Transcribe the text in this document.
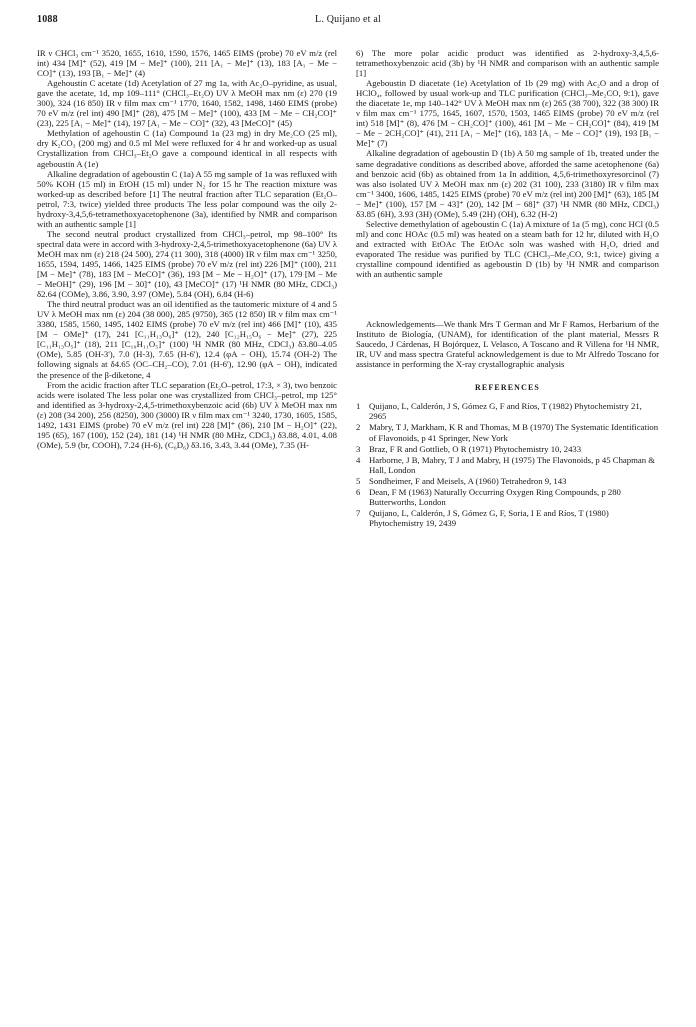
1088	L. Quijano et al

IR ν CHCl₃ cm⁻¹ 3520, 1655, 1610, 1590, 1576, 1465 EIMS (probe) 70 eV m/z (rel int) 434 [M]⁺ (52), 419 [M − Me]⁺ (100), 211 [A₁ − Me]⁺ (13), 183 [A₁ − Me − CO]⁺ (13), 193 [B₁ − Me]⁺ (4)

Agehoustin C acetate (1d) Acetylation of 27 mg 1a, with Ac₂O–pyridine, as usual, gave the acetate, 1d, mp 109–111° (CHCl₃–Et₂O) UV λ MeOH max nm (ε) 270 (19 300), 324 (16 850) IR ν film max cm⁻¹ 1770, 1640, 1582, 1498, 1460 EIMS (probe) 70 eV m/z (rel int) 490 [M]⁺ (28), 475 [M − Me]⁺ (100), 433 [M − Me − CH₂CO]⁺ (23), 225 [A₁ − Me]⁺ (14), 197 [A₁ − Me − CO]⁺ (32), 43 [MeCO]⁺ (45)

Methylation of agehoustin C (1a) Compound 1a (23 mg) in dry Me₂CO (25 ml), dry K₂CO₃ (200 mg) and 0.5 ml MeI were refluxed for 4 hr and worked-up as usual Crystallization from CHCl₃–Et₂O gave a compound identical in all respects with ageboustin A (1e)

Alkaline degradation of ageboustin C (1a) A 55 mg sample of 1a was refluxed with 50% KOH (15 ml) in EtOH (15 ml) under N₂ for 15 hr The reaction mixture was worked-up as described before [1] The neutral fraction after TLC separation (Et₂O–petrol, 7:3, twice) yielded three products The less polar compound was the oily 2-hydroxy-3,4,5,6-tetramethoxyacetophenone (3a), identified by NMR and comparison with an authentic sample [1]

The second neutral product crystallized from CHCl₃–petrol, mp 98–100° Its spectral data were in accord with 3-hydroxy-2,4,5-trimethoxyacetophenone (6a) UV λ MeOH max nm (ε) 218 (24 500), 274 (11 300), 318 (4000) IR ν film max cm⁻¹ 3250, 1655, 1594, 1495, 1466, 1425 EIMS (probe) 70 eV m/z (rel int) 226 [M]⁺ (100), 211 [M − Me]⁺ (78), 183 [M − MeCO]⁺ (36), 193 [M − Me − H₂O]⁺ (17), 179 [M − Me − MeOH]⁺ (29), 196 [M − 30]⁺ (10), 43 [MeCO]⁺ (17) ¹H NMR (80 MHz, CDCl₃) δ2.64 (COMe), 3.86, 3.90, 3.97 (OMe), 5.84 (OH), 6.84 (H-6)

The third neutral product was an oil identified as the tautomeric mixture of 4 and 5 UV λ MeOH max nm (ε) 204 (38 000), 285 (9750), 365 (12 850) IR ν film max cm⁻¹ 3380, 1585, 1560, 1495, 1402 EIMS (probe) 70 eV m/z (rel int) 466 [M]⁺ (10), 435 [M − OMe]⁺ (17), 241 [C₁₁H₁₃O₆]⁺ (12), 240 [C₁₂H₁₅O₆ − Me]⁺ (27), 225 [C₁₁H₁₃O₅]⁺ (18), 211 [C₁₀H₁₁O₅]⁺ (100) ¹H NMR (80 MHz, CDCl₃) δ3.80–4.05 (OMe), 5.85 (OH-3'), 7.0 (H-3), 7.65 (H-6'), 12.4 (φA − OH), 15.74 (OH-2) The following signals at δ4.65 (OC–CH₂–CO), 7.01 (H-6'), 12.90 (φA − OH), indicated the presence of the β-diketone, 4

From the acidic fraction after TLC separation (Et₂O–petrol, 17:3, × 3), two benzoic acids were isolated The less polar one was crystallized from CHCl₃–petrol, mp 125° and identified as 3-hydroxy-2,4,5-trimethoxybenzoic acid (6b) UV λ MeOH max nm (ε) 208 (34 200), 256 (8250), 300 (3000) IR ν film max cm⁻¹ 3240, 1730, 1605, 1585, 1492, 1431 EIMS (probe) 70 eV m/z (rel int) 228 [M]⁺ (86), 210 [M − H₂O]⁺ (22), 195 (65), 167 (100), 152 (24), 181 (14) ¹H NMR (80 MHz, CDCl₃) δ3.88, 4.01, 4.08 (OMe), 5.9 (br, COOH), 7.24 (H-6), (C₆D₆) δ3.16, 3.43, 3.44 (OMe), 7.35 (H-

6) The more polar acidic product was identified as 2-hydroxy-3,4,5,6-tetramethoxybenzoic acid (3b) by ¹H NMR and comparison with an authentic sample [1]

Ageboustin D diacetate (1e) Acetylation of 1b (29 mg) with Ac₂O and a drop of HClO₄, followed by usual work-up and TLC purification (CHCl₃–Me₂CO, 9:1), gave the diacetate 1e, mp 140–142° UV λ MeOH max nm (ε) 265 (38 700), 322 (38 300) IR ν film max cm⁻¹ 1775, 1645, 1607, 1570, 1503, 1465 EIMS (probe) 70 eV m/z (rel int) 518 [M]⁺ (8), 476 [M − CH₂CO]⁺ (100), 461 [M − Me − CH₂CO]⁺ (84), 419 [M − Me − 2CH₂CO]⁺ (41), 211 [A₁ − Me]⁺ (16), 183 [A₁ − Me − CO]⁺ (19), 193 [B₁ − Me]⁺ (7)

Alkaline degradation of ageboustin D (1b) A 50 mg sample of 1b, treated under the same degradative conditions as described above, afforded the same acetophenone (6a) and benzoic acid (6b) as obtained from 1a In addition, 4,5,6-trimethoxyresorcinol (7) was also isolated UV λ MeOH max nm (ε) 202 (31 100), 233 (3180) IR ν film max cm⁻¹ 3400, 1606, 1485, 1425 EIMS (probe) 70 eV m/z (rel int) 200 [M]⁺ (63), 185 [M − Me]⁺ (100), 157 [M − 43]⁺ (20), 142 [M − 68]⁺ (37) ¹H NMR (80 MHz, CDCl₃) δ3.85 (6H), 3.93 (3H) (OMe), 5.49 (2H) (OH), 6.32 (H-2)

Selective demethylation of ageboustin C (1a) A mixture of 1a (5 mg), conc HCl (0.5 ml) and conc HOAc (0.5 ml) was heated on a steam bath for 12 hr, diluted with H₂O and extracted with EtOAc The EtOAc soln was washed with H₂O, dried and evaporated The residue was purified by TLC (CHCl₃–Me₂CO, 9:1, twice) giving a crystalline compound identified as ageboustin D (1b) by ¹H NMR and comparison with an authentic sample

Acknowledgements—We thank Mrs T German and Mr F Ramos, Herbarium of the Instituto de Biología, (UNAM), for identification of the plant material, Messrs R Saucedo, J Cárdenas, H Bojórquez, L Velasco, A Toscano and R Villena for ¹H NMR, IR, UV and mass spectra Grateful acknowledgement is due to Mr Alfredo Toscano for assistance in performing the X-ray crystallographic analysis

REFERENCES
1 Quijano, L, Calderón, J S, Gómez G, F and Ríos, T (1982) Phytochemistry 21, 2965
2 Mabry, T J, Markham, K R and Thomas, M B (1970) The Systematic Identification of Flavonoids, p 41 Springer, New York
3 Braz, F R and Gottlieb, O R (1971) Phytochemistry 10, 2433
4 Harborne, J B, Mabry, T J and Mabry, H (1975) The Flavonoids, p 45 Chapman & Hall, London
5 Sondheimer, F and Meisels, A (1960) Tetrahedron 9, 143
6 Dean, F M (1963) Naturally Occurring Oxygen Ring Compounds, p 280 Butterworths, London
7 Quijano, L, Calderón, J S, Gómez G, F, Soria, I E and Ríos, T (1980) Phytochemistry 19, 2439
